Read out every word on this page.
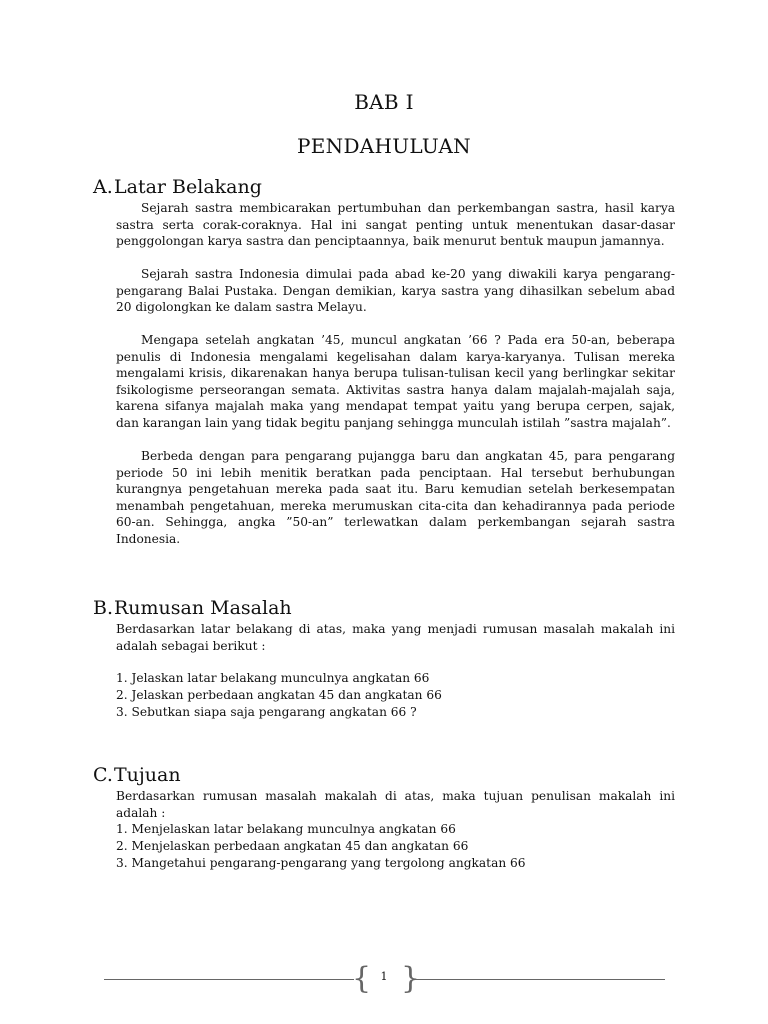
BAB I
PENDAHULUAN
A.Latar Belakang

Sejarah sastra membicarakan pertumbuhan dan perkembangan sastra, hasil karya sastra serta corak-coraknya. Hal ini sangat penting untuk menentukan dasar-dasar penggolongan karya sastra dan penciptaannya, baik menurut bentuk maupun jamannya.

Sejarah sastra Indonesia dimulai pada abad ke-20 yang diwakili karya pengarang-pengarang Balai Pustaka. Dengan demikian, karya sastra yang dihasilkan sebelum abad 20 digolongkan ke dalam sastra Melayu.

Mengapa setelah angkatan ’45, muncul angkatan ’66 ? Pada era 50-an, beberapa penulis di Indonesia mengalami kegelisahan dalam karya-karyanya. Tulisan mereka mengalami krisis, dikarenakan hanya berupa tulisan-tulisan kecil yang berlingkar sekitar fsikologisme perseorangan semata. Aktivitas sastra hanya dalam majalah-majalah saja, karena sifanya majalah maka yang mendapat tempat yaitu yang berupa cerpen, sajak, dan karangan lain yang tidak begitu panjang sehingga munculah istilah ”sastra majalah”.

Berbeda dengan para pengarang pujangga baru dan angkatan 45, para pengarang periode 50 ini lebih menitik beratkan pada penciptaan. Hal tersebut berhubungan kurangnya pengetahuan mereka pada saat itu. Baru kemudian setelah berkesempatan menambah pengetahuan, mereka merumuskan cita-cita dan kehadirannya pada periode 60-an. Sehingga, angka ”50-an” terlewatkan dalam perkembangan sejarah sastra Indonesia.

B.Rumusan Masalah

Berdasarkan latar belakang di atas, maka yang menjadi rumusan masalah makalah ini adalah sebagai berikut :

1. Jelaskan latar belakang munculnya angkatan 66
2. Jelaskan perbedaan angkatan 45 dan angkatan 66
3. Sebutkan siapa saja pengarang angkatan 66 ?
C.Tujuan

Berdasarkan rumusan masalah makalah di atas, maka tujuan penulisan makalah ini adalah :

1. Menjelaskan latar belakang munculnya angkatan 66
2. Menjelaskan perbedaan angkatan 45 dan angkatan 66
3. Mangetahui pengarang-pengarang yang tergolong angkatan 66
{ }
1
